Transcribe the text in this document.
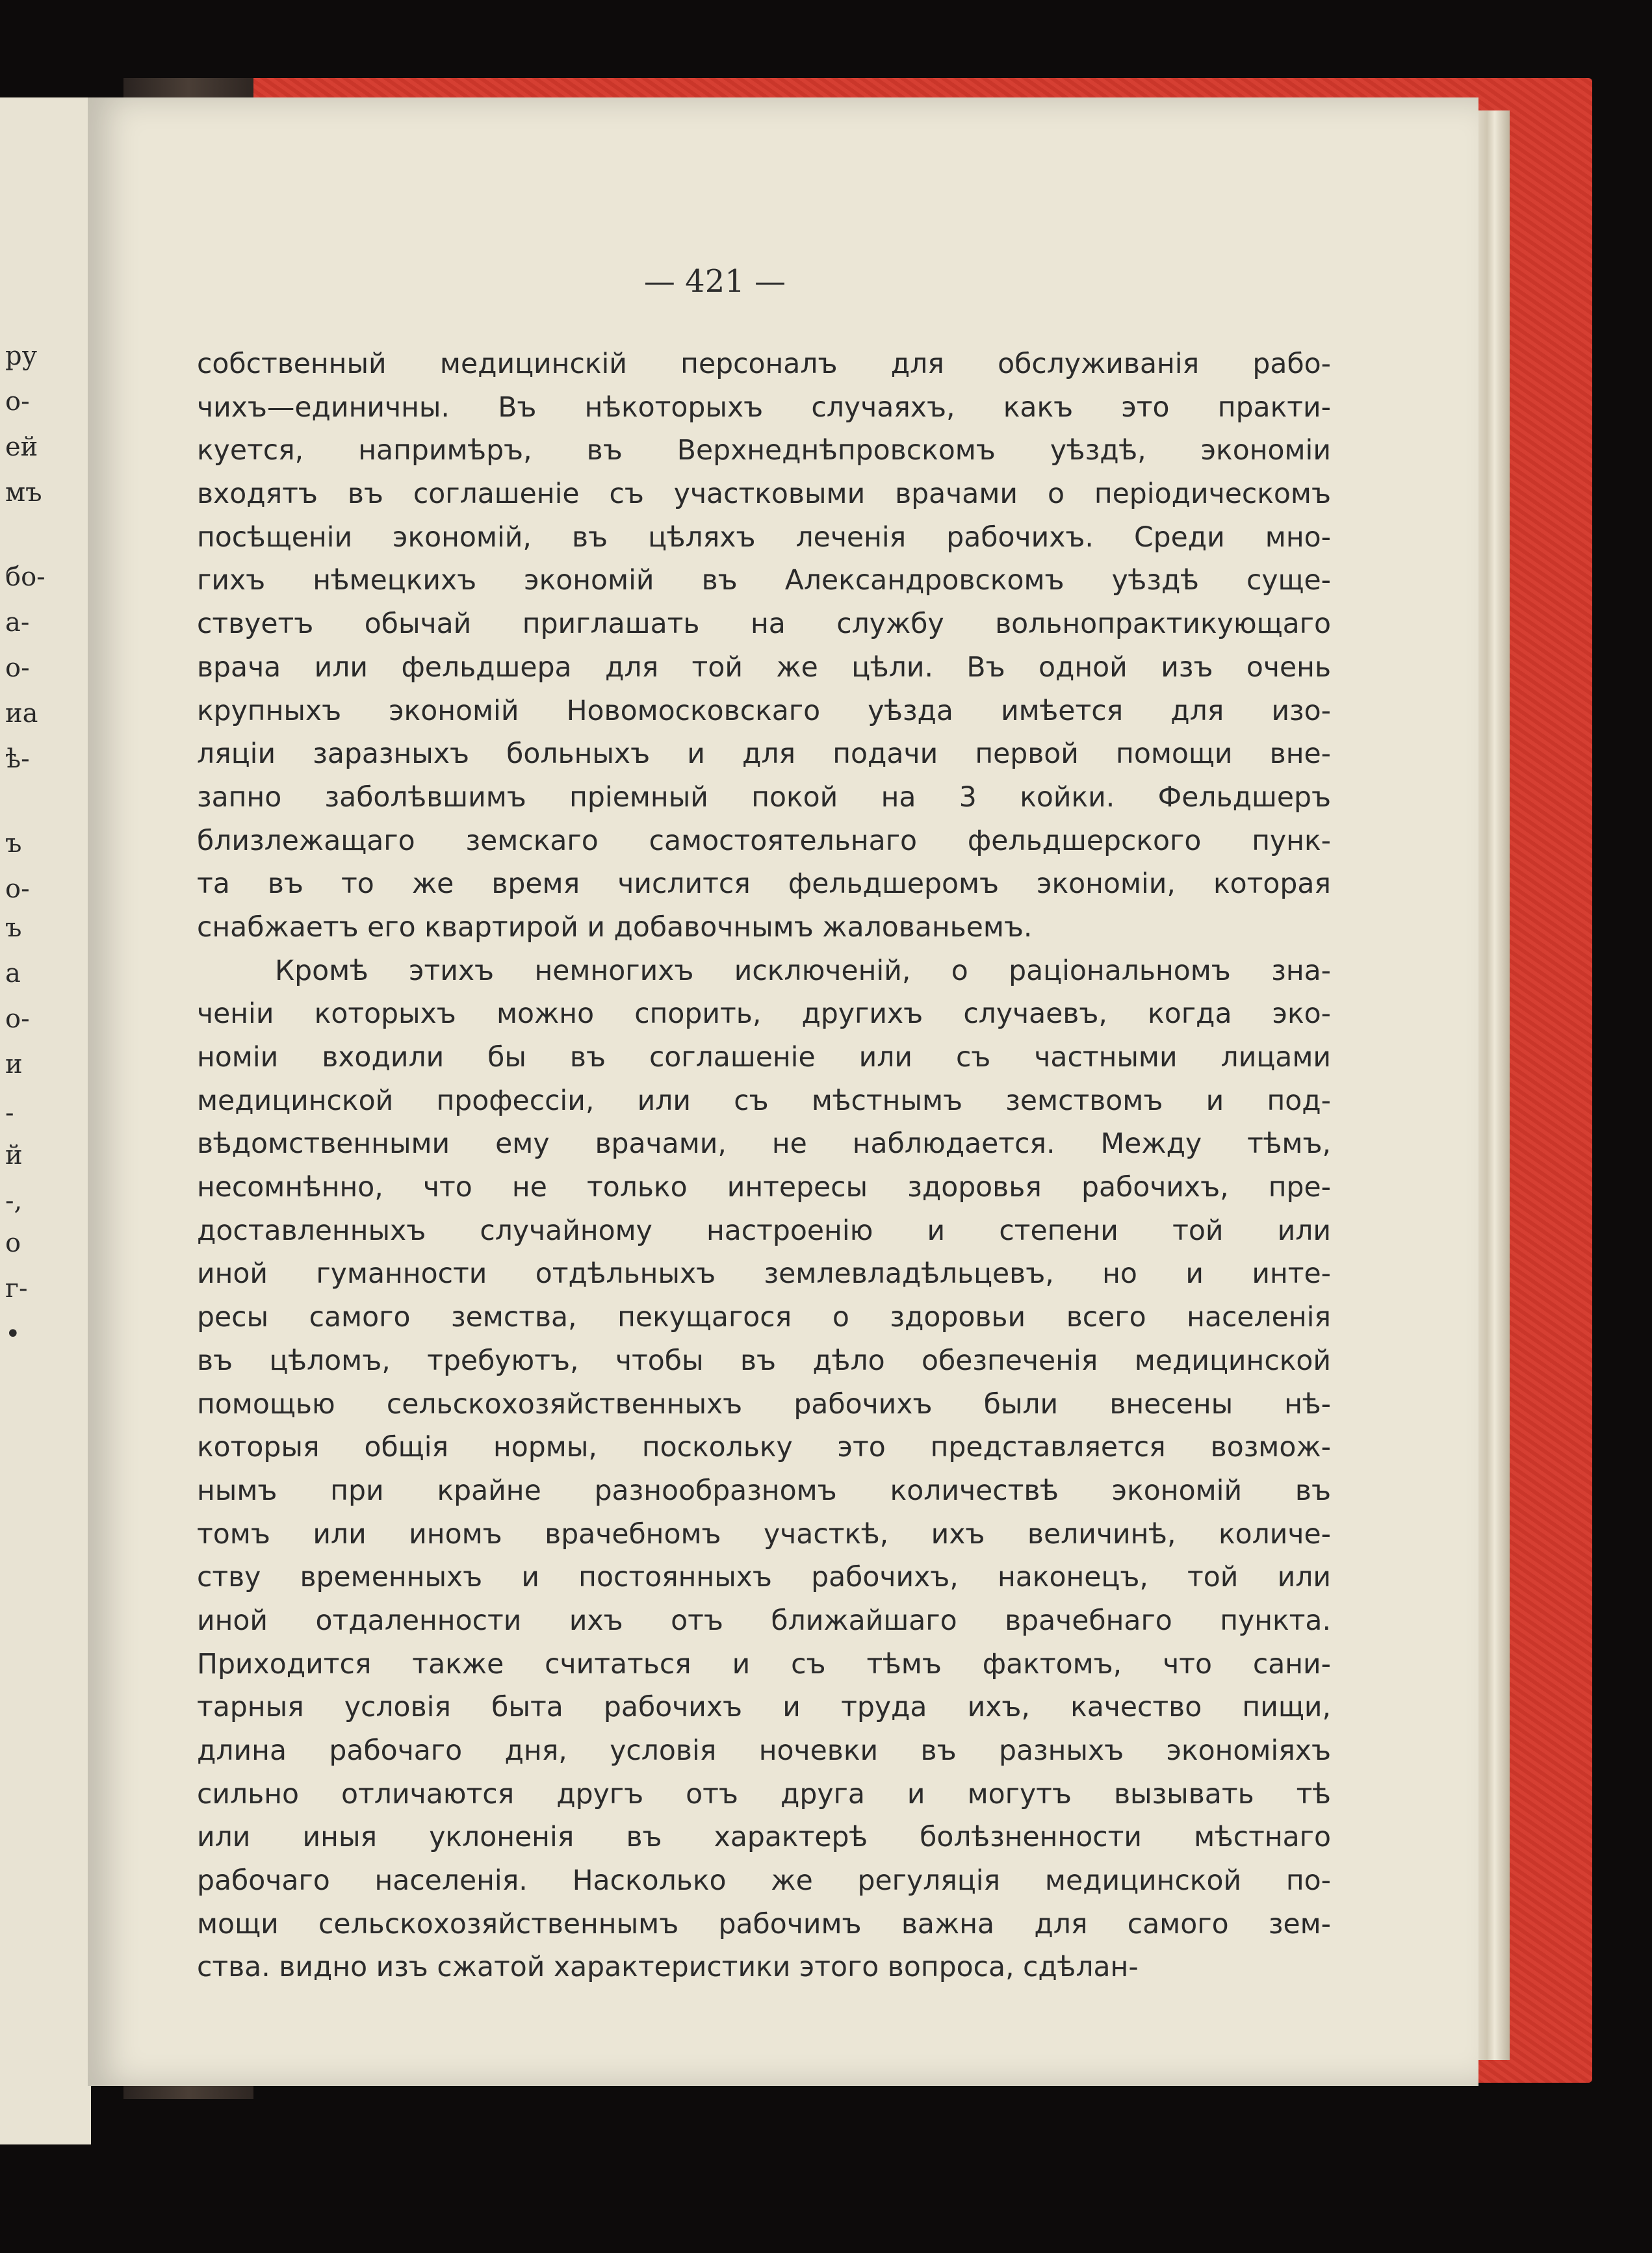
ру
о-
ей
мъ
бо-
а-
о-
иа
ѣ-
ъ
о-
ъ
а
о-
и
-
й
-,
о
г-
•
— 421 —
собственный медицинскій персоналъ для обслуживанія рабо-
чихъ—единичны. Въ нѣкоторыхъ случаяхъ, какъ это практи-
куется, напримѣръ, въ Верхнеднѣпровскомъ уѣздѣ, экономіи
входятъ въ соглашеніе съ участковыми врачами о періодическомъ
посѣщеніи экономій, въ цѣляхъ леченія рабочихъ. Среди мно-
гихъ нѣмецкихъ экономій въ Александровскомъ уѣздѣ суще-
ствуетъ обычай приглашать на службу вольнопрактикующаго
врача или фельдшера для той же цѣли. Въ одной изъ очень
крупныхъ экономій Новомосковскаго уѣзда имѣется для изо-
ляціи заразныхъ больныхъ и для подачи первой помощи вне-
запно заболѣвшимъ пріемный покой на 3 койки. Фельдшеръ
близлежащаго земскаго самостоятельнаго фельдшерского пунк-
та въ то же время числится фельдшеромъ экономіи, которая
снабжаетъ его квартирой и добавочнымъ жалованьемъ.
Кромѣ этихъ немногихъ исключеній, о раціональномъ зна-
ченіи которыхъ можно спорить, другихъ случаевъ, когда эко-
номіи входили бы въ соглашеніе или съ частными лицами
медицинской профессіи, или съ мѣстнымъ земствомъ и под-
вѣдомственными ему врачами, не наблюдается. Между тѣмъ,
несомнѣнно, что не только интересы здоровья рабочихъ, пре-
доставленныхъ случайному настроенію и степени той или
иной гуманности отдѣльныхъ землевладѣльцевъ, но и инте-
ресы самого земства, пекущагося о здоровьи всего населенія
въ цѣломъ, требуютъ, чтобы въ дѣло обезпеченія медицинской
помощью сельскохозяйственныхъ рабочихъ были внесены нѣ-
которыя общія нормы, поскольку это представляется возмож-
нымъ при крайне разнообразномъ количествѣ экономій въ
томъ или иномъ врачебномъ участкѣ, ихъ величинѣ, количе-
ству временныхъ и постоянныхъ рабочихъ, наконецъ, той или
иной отдаленности ихъ отъ ближайшаго врачебнаго пункта.
Приходится также считаться и съ тѣмъ фактомъ, что сани-
тарныя условія быта рабочихъ и труда ихъ, качество пищи,
длина рабочаго дня, условія ночевки въ разныхъ экономіяхъ
сильно отличаются другъ отъ друга и могутъ вызывать тѣ
или иныя уклоненія въ характерѣ болѣзненности мѣстнаго
рабочаго населенія. Насколько же регуляція медицинской по-
мощи сельскохозяйственнымъ рабочимъ важна для самого зем-
ства. видно изъ сжатой характеристики этого вопроса, сдѣлан-
